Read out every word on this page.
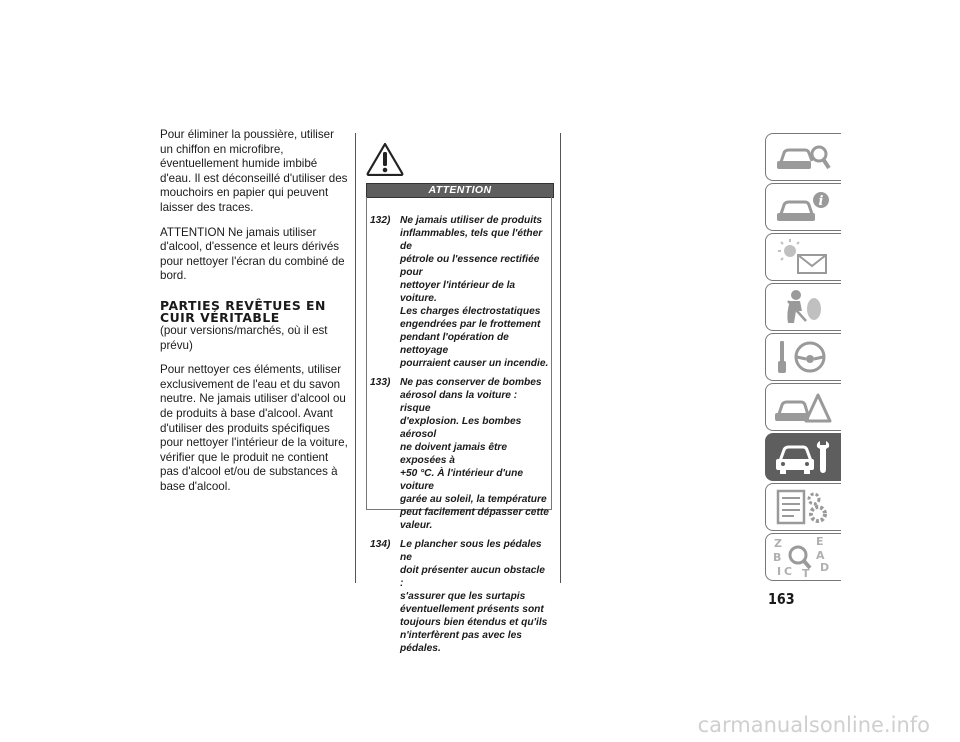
Pour éliminer la poussière, utiliser un chiffon en microfibre, éventuellement humide imbibé d'eau. Il est déconseillé d'utiliser des mouchoirs en papier qui peuvent laisser des traces.

ATTENTION Ne jamais utiliser d'alcool, d'essence et leurs dérivés pour nettoyer l'écran du combiné de bord.

PARTIES REVÊTUES EN
CUIR VÉRITABLE

(pour versions/marchés, où il est prévu)

Pour nettoyer ces éléments, utiliser exclusivement de l'eau et du savon neutre. Ne jamais utiliser d'alcool ou de produits à base d'alcool. Avant d'utiliser des produits spécifiques pour nettoyer l'intérieur de la voiture, vérifier que le produit ne contient pas d'alcool et/ou de substances à base d'alcool.

ATTENTION
132) Ne jamais utiliser de produits
inflammables, tels que l'éther de
pétrole ou l'essence rectifiée pour
nettoyer l'intérieur de la voiture.
Les charges électrostatiques
engendrées par le frottement
pendant l'opération de nettoyage
pourraient causer un incendie.
133) Ne pas conserver de bombes
aérosol dans la voiture : risque
d'explosion. Les bombes aérosol
ne doivent jamais être exposées à
+50 °C. À l'intérieur d'une voiture
garée au soleil, la température
peut facilement dépasser cette
valeur.
134) Le plancher sous les pédales ne
doit présenter aucun obstacle :
s'assurer que les surtapis
éventuellement présents sont
toujours bien étendus et qu'ils
n'interfèrent pas avec les pédales.
i
Z	E
B	A
D
C T
I
163
carmanualsonline.info
